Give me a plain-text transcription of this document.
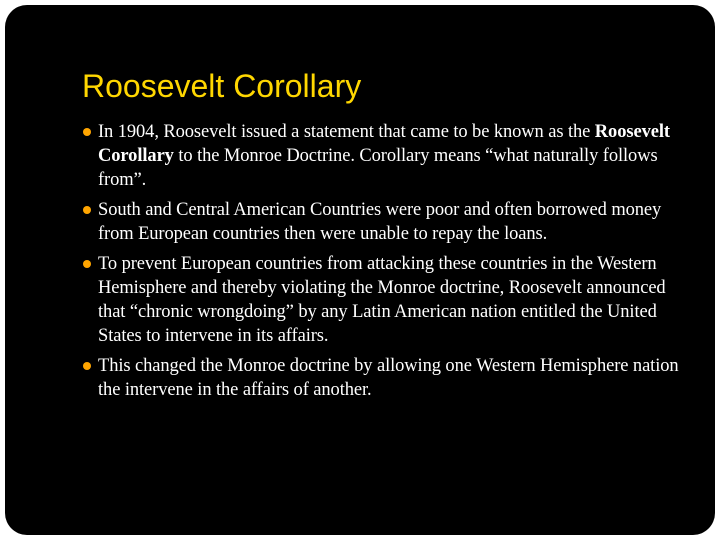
Roosevelt Corollary
In 1904, Roosevelt issued a statement that came to be known as the Roosevelt Corollary to the Monroe Doctrine. Corollary means “what naturally follows from”.
South and Central American Countries were poor and often borrowed money from European countries then were unable to repay the loans.
To prevent European countries from attacking these countries in the Western Hemisphere and thereby violating the Monroe doctrine, Roosevelt announced that “chronic wrongdoing” by any Latin American nation entitled the United States to intervene in its affairs.
This changed the Monroe doctrine by allowing one Western Hemisphere nation the intervene in the affairs of another.
